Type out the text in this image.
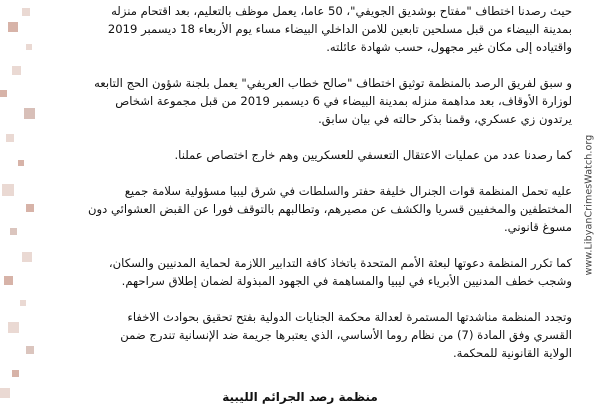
حيث رصدنا اختطاف "مفتاح بوشديق الجويفي"، 50 عاما، يعمل موظف بالتعليم، بعد اقتحام منزله بمدينة البيضاء من قبل مسلحين تابعين للامن الداخلي البيضاء مساء يوم الأربعاء 18 ديسمبر 2019 واقتياده إلى مكان غير مجهول، حسب شهادة عائلته.

و سبق لفريق الرصد بالمنظمة توثيق اختطاف "صالح خطاب العريفي" يعمل بلجنة شؤون الحج التابعه لوزارة الأوقاف، بعد مداهمة منزله بمدينة البيضاء في 6 ديسمبر 2019 من قبل مجموعة اشخاص يرتدون زي عسكري، وقمنا بذكر حالته في بيان سابق.

كما رصدنا عدد من عمليات الاعتقال التعسفي للعسكريين وهم خارج اختصاص عملنا.

عليه تحمل المنظمة قوات الجنرال خليفة حفتر والسلطات في شرق ليبيا مسؤولية سلامة جميع المختطفين والمخفيين قسريا والكشف عن مصيرهم، وتطالبهم بالتوقف فورا عن القبض العشوائي دون مسوغ قانوني.

كما تكرر المنظمة دعوتها لبعثة الأمم المتحدة باتخاذ كافة التدابير اللازمة لحماية المدنيين والسكان، وشجب خطف المدنيين الأبرياء في ليبيا والمساهمة في الجهود المبذولة لضمان إطلاق سراحهم.

وتجدد المنظمة مناشدتها المستمرة لعدالة محكمة الجنايات الدولية بفتح تحقيق بحوادث الاخفاء القسري وفق المادة (7) من نظام روما الأساسي، الذي يعتبرها جريمة ضد الإنسانية تندرج ضمن الولاية القانونية للمحكمة.

منظمة رصد الجرائم الليبية
www.LibyanCrimesWatch.org
